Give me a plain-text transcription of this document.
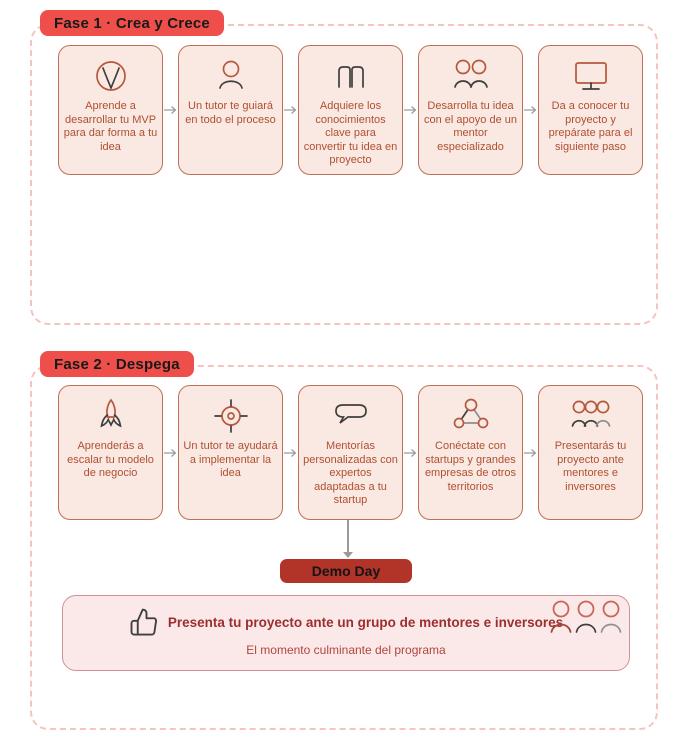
Fase 1 · Crea y Crece
Aprende a desarrollar tu MVP para dar forma a tu idea
Un tutor te guiará en todo el proceso
Adquiere los conocimientos clave para convertir tu idea en proyecto
Desarrolla tu idea con el apoyo de un mentor especializado
Da a conocer tu proyecto y prepárate para el siguiente paso
Fase 2 · Despega
Aprenderás a escalar tu modelo de negocio
Un tutor te ayudará a implementar la idea
Mentorías personalizadas con expertos adaptadas a tu startup
Conéctate con startups y grandes empresas de otros territorios
Presentarás tu proyecto ante mentores e inversores
Demo Day
Presenta tu proyecto ante un grupo de mentores e inversores
El momento culminante del programa
